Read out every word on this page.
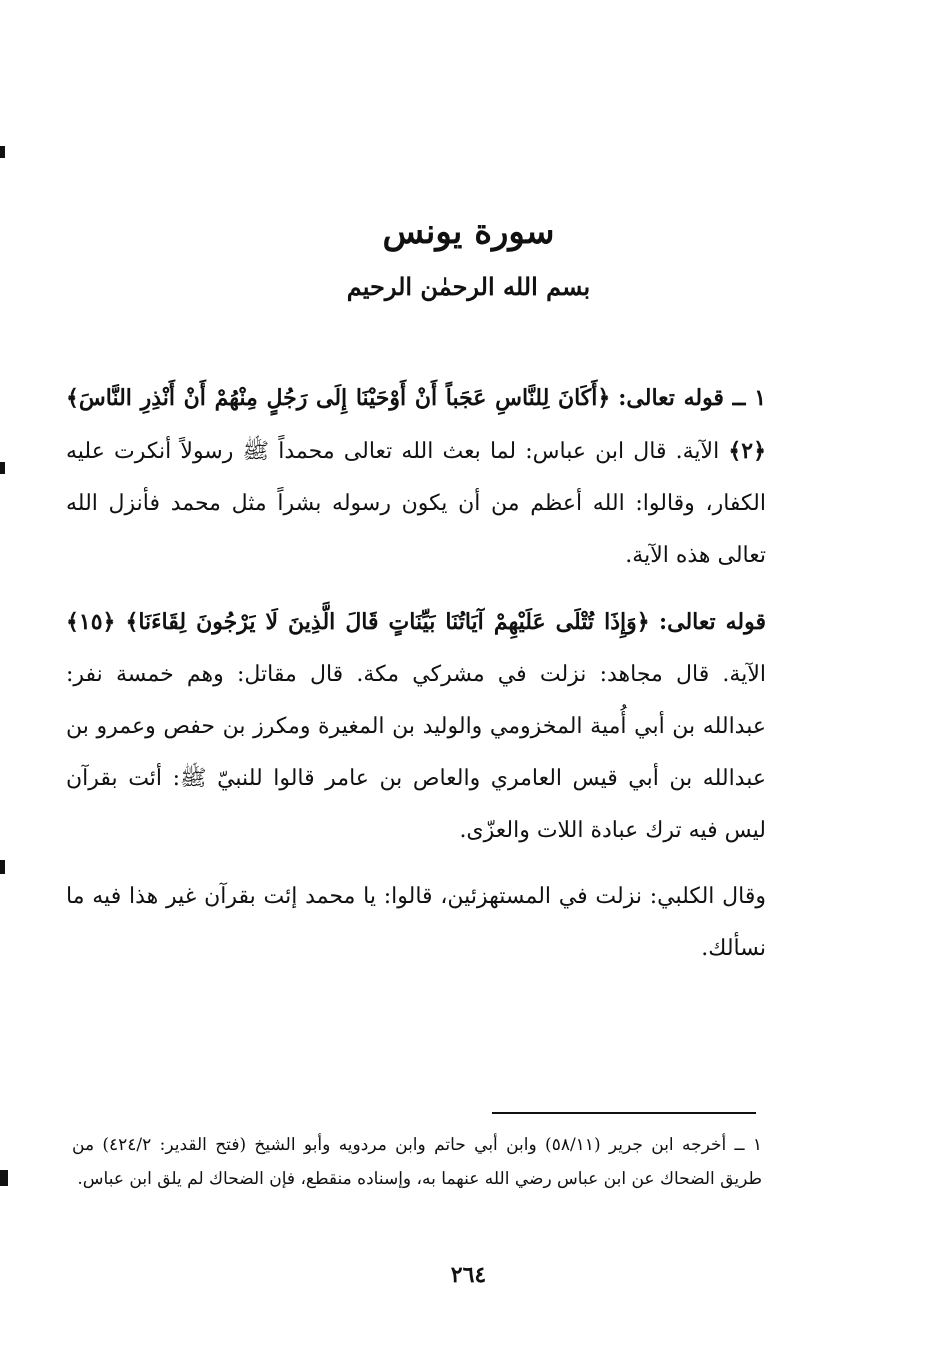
سورة يونس
بسم الله الرحمٰن الرحيم

١ ــ قوله تعالى: ﴿أَكَانَ لِلنَّاسِ عَجَباً أَنْ أَوْحَيْنَا إِلَى رَجُلٍ مِنْهُمْ أَنْ أَنْذِرِ النَّاسَ﴾ ﴿٢﴾ الآية. قال ابن عباس: لما بعث الله تعالى محمداً ﷺ رسولاً أنكرت عليه الكفار، وقالوا: الله أعظم من أن يكون رسوله بشراً مثل محمد فأنزل الله تعالى هذه الآية.

قوله تعالى: ﴿وَإِذَا تُتْلَى عَلَيْهِمْ آيَاتُنَا بَيِّنَاتٍ قَالَ الَّذِينَ لَا يَرْجُونَ لِقَاءَنَا﴾ ﴿١٥﴾ الآية. قال مجاهد: نزلت في مشركي مكة. قال مقاتل: وهم خمسة نفر: عبدالله بن أبي أُمية المخزومي والوليد بن المغيرة ومكرز بن حفص وعمرو بن عبدالله بن أبي قيس العامري والعاص بن عامر قالوا للنبيّ ﷺ: أئت بقرآن ليس فيه ترك عبادة اللات والعزّى.

وقال الكلبي: نزلت في المستهزئين، قالوا: يا محمد إئت بقرآن غير هذا فيه ما نسألك.

١ ــ أخرجه ابن جرير (٥٨/١١) وابن أبي حاتم وابن مردويه وأبو الشيخ (فتح القدير: ٤٢٤/٢) من طريق الضحاك عن ابن عباس رضي الله عنهما به، وإسناده منقطع، فإن الضحاك لم يلق ابن عباس.

٢٦٤
